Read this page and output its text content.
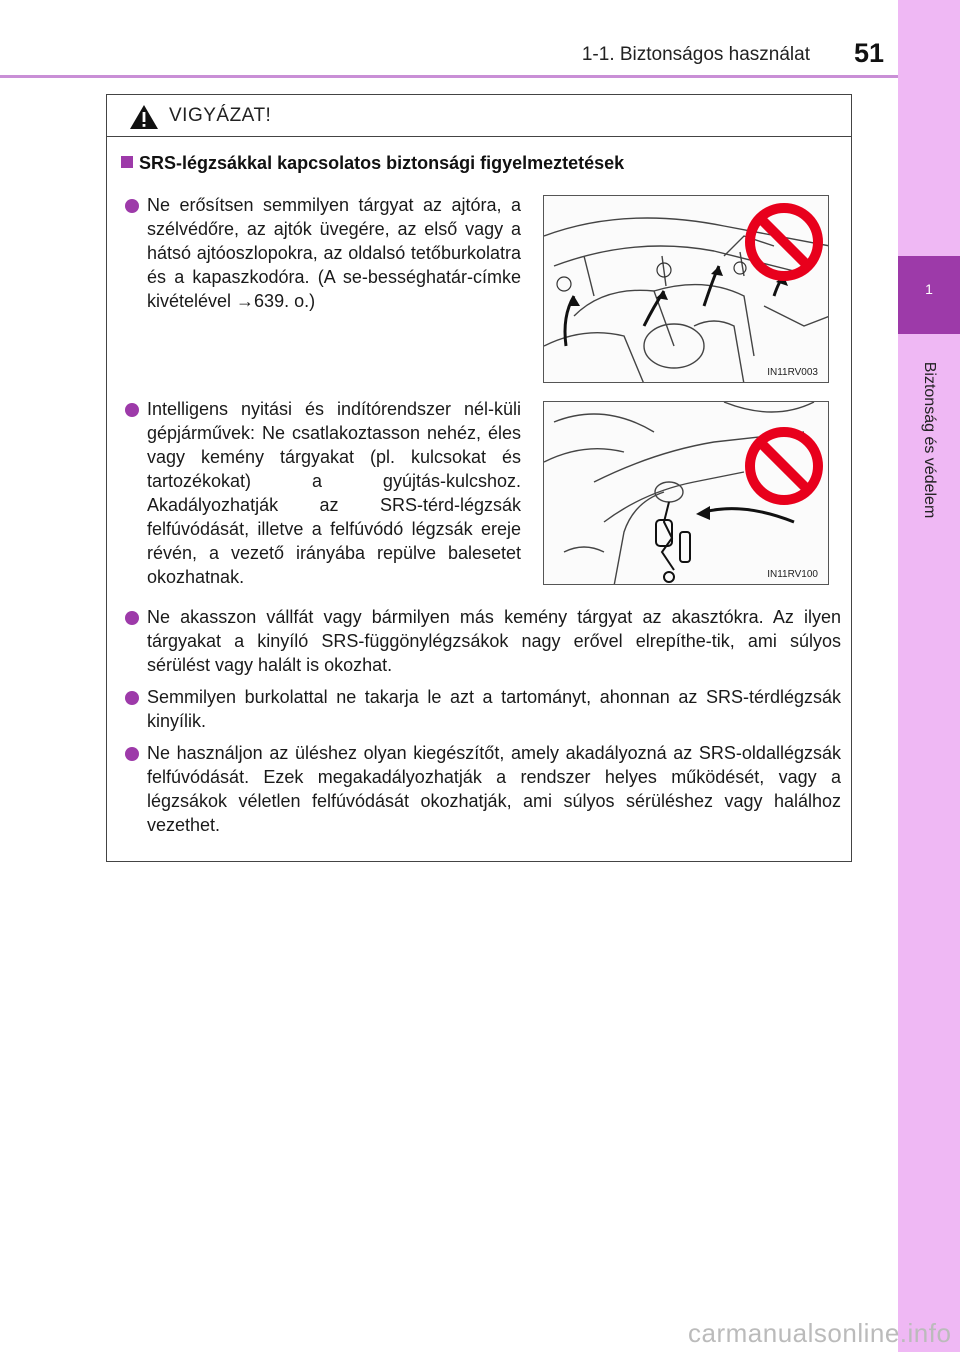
1-1. Biztonságos használat	51
1
Biztonság és védelem
VIGYÁZAT!
SRS-légzsákkal kapcsolatos biztonsági figyelmeztetések
Ne erősítsen semmilyen tárgyat az ajtóra, a szélvédőre, az ajtók üvegére, az első vagy a hátsó ajtóoszlopokra, az oldalsó tetőburkolatra és a kapaszkodóra. (A se-bességhatár-címke kivételével →639. o.)
IN11RV003
Intelligens nyitási és indítórendszer nél-küli gépjárművek: Ne csatlakoztasson nehéz, éles vagy kemény tárgyakat (pl. kulcsokat és tartozékokat) a gyújtás-kulcshoz. Akadályozhatják az SRS-térd-légzsák felfúvódását, illetve a felfúvódó légzsák ereje révén, a vezető irányába repülve balesetet okozhatnak.	IN11RV100
Ne akasszon vállfát vagy bármilyen más kemény tárgyat az akasztókra. Az ilyen tárgyakat a kinyíló SRS-függönylégzsákok nagy erővel elrepíthe-tik, ami súlyos sérülést vagy halált is okozhat.
Semmilyen burkolattal ne takarja le azt a tartományt, ahonnan az SRS-térdlégzsák kinyílik.
Ne használjon az üléshez olyan kiegészítőt, amely akadályozná az SRS-oldallégzsák felfúvódását. Ezek megakadályozhatják a rendszer helyes működését, vagy a légzsákok véletlen felfúvódását okozhatják, ami súlyos sérüléshez vagy halálhoz vezethet.
carmanualsonline.info
